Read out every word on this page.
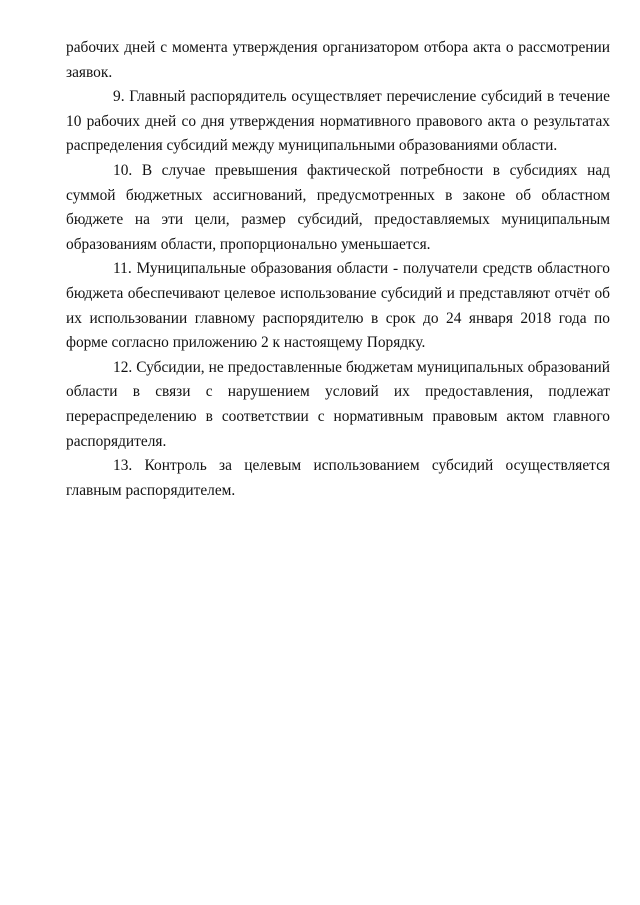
рабочих дней с момента утверждения организатором отбора акта о рассмотрении заявок.

9. Главный распорядитель осуществляет перечисление субсидий в течение 10 рабочих дней со дня утверждения нормативного правового акта о результатах распределения субсидий между муниципальными образованиями области.

10. В случае превышения фактической потребности в субсидиях над суммой бюджетных ассигнований, предусмотренных в законе об областном бюджете на эти цели, размер субсидий, предоставляемых муниципальным образованиям области, пропорционально уменьшается.

11. Муниципальные образования области - получатели средств областного бюджета обеспечивают целевое использование субсидий и представляют отчёт об их использовании главному распорядителю в срок до 24 января 2018 года по форме согласно приложению 2 к настоящему Порядку.

12. Субсидии, не предоставленные бюджетам муниципальных образований области в связи с нарушением условий их предоставления, подлежат перераспределению в соответствии с нормативным правовым актом главного распорядителя.

13. Контроль за целевым использованием субсидий осуществляется главным распорядителем.
